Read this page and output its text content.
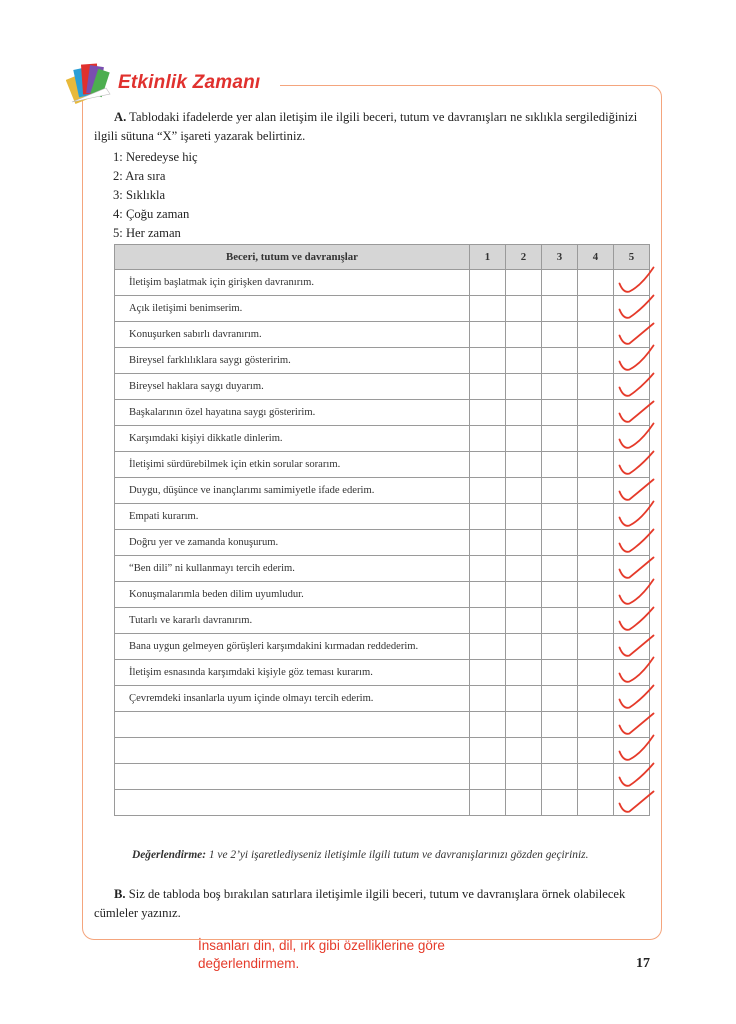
Etkinlik Zamanı
A. Tablodaki ifadelerde yer alan iletişim ile ilgili beceri, tutum ve davranışları ne sıklıkla sergilediğinizi ilgili sütuna “X” işareti yazarak belirtiniz.
1: Neredeyse hiç
2: Ara sıra
3: Sıklıkla
4: Çoğu zaman
5: Her zaman
Beceri, tutum ve davranışlar	1	2	3	4	5
İletişim başlatmak için girişken davranırım.					
Açık iletişimi benimserim.					
Konuşurken sabırlı davranırım.					
Bireysel farklılıklara saygı gösteririm.					
Bireysel haklara saygı duyarım.					
Başkalarının özel hayatına saygı gösteririm.					
Karşımdaki kişiyi dikkatle dinlerim.					
İletişimi sürdürebilmek için etkin sorular sorarım.					
Duygu, düşünce ve inançlarımı samimiyetle ifade ederim.					
Empati kurarım.					
Doğru yer ve zamanda konuşurum.					
“Ben dili” ni kullanmayı tercih ederim.					
Konuşmalarımla beden dilim uyumludur.					
Tutarlı ve kararlı davranırım.					
Bana uygun gelmeyen görüşleri karşımdakini kırmadan reddederim.					
İletişim esnasında karşımdaki kişiyle göz teması kurarım.					
Çevremdeki insanlarla uyum içinde olmayı tercih ederim.					

Değerlendirme: 1 ve 2’yi işaretlediyseniz iletişimle ilgili tutum ve davranışlarınızı gözden geçiriniz.
B. Siz de tabloda boş bırakılan satırlara iletişimle ilgili beceri, tutum ve davranışlara örnek olabilecek cümleler yazınız.
İnsanları din, dil, ırk gibi özelliklerine göre
değerlendirmem.	17
